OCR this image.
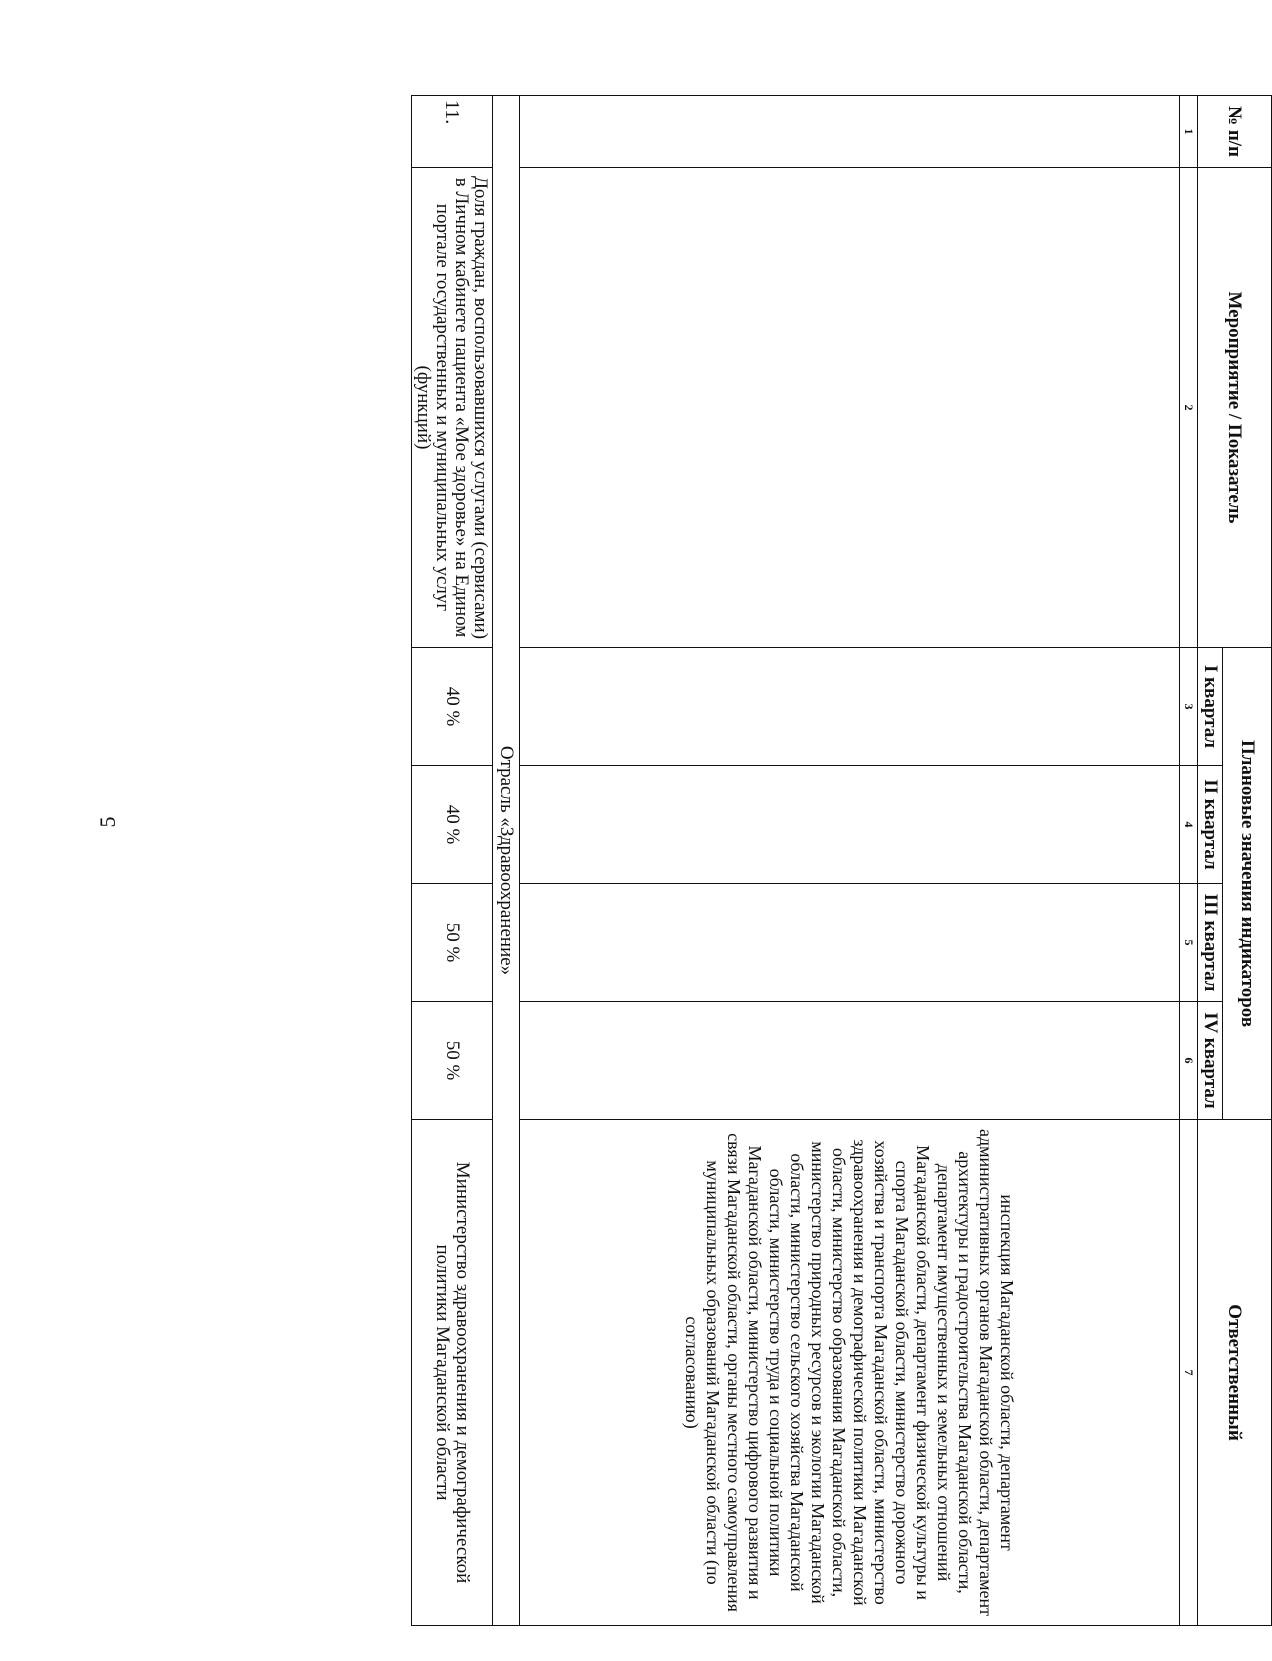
5
№ п/п	Мероприятие / Показатель	Плановые значения индикаторов				Ответственный
		I квартал	II квартал	III квартал	IV квартал	
1	2	3	4	5	6	7
						инспекция Магаданской области, департамент административных органов Магаданской области, департамент архитектуры и градостроительства Магаданской области, департамент имущественных и земельных отношений Магаданской области, департамент физической культуры и спорта Магаданской области, министерство дорожного хозяйства и транспорта Магаданской области, министерство здравоохранения и демографической политики Магаданской области, министерство образования Магаданской области, министерство природных ресурсов и экологии Магаданской области, министерство сельского хозяйства Магаданской области, министерство труда и социальной политики Магаданской области, министерство цифрового развития и связи Магаданской области, органы местного самоуправления муниципальных образований Магаданской области (по согласованию)
Отрасль «Здравоохранение»						
11.	Доля граждан, воспользовавшихся услугами (сервисами) в Личном кабинете пациента «Мое здоровье» на Едином портале государственных и муниципальных услуг (функций)	40 %	40 %	50 %	50 %	Министерство здравоохранения и демографической политики Магаданской области
